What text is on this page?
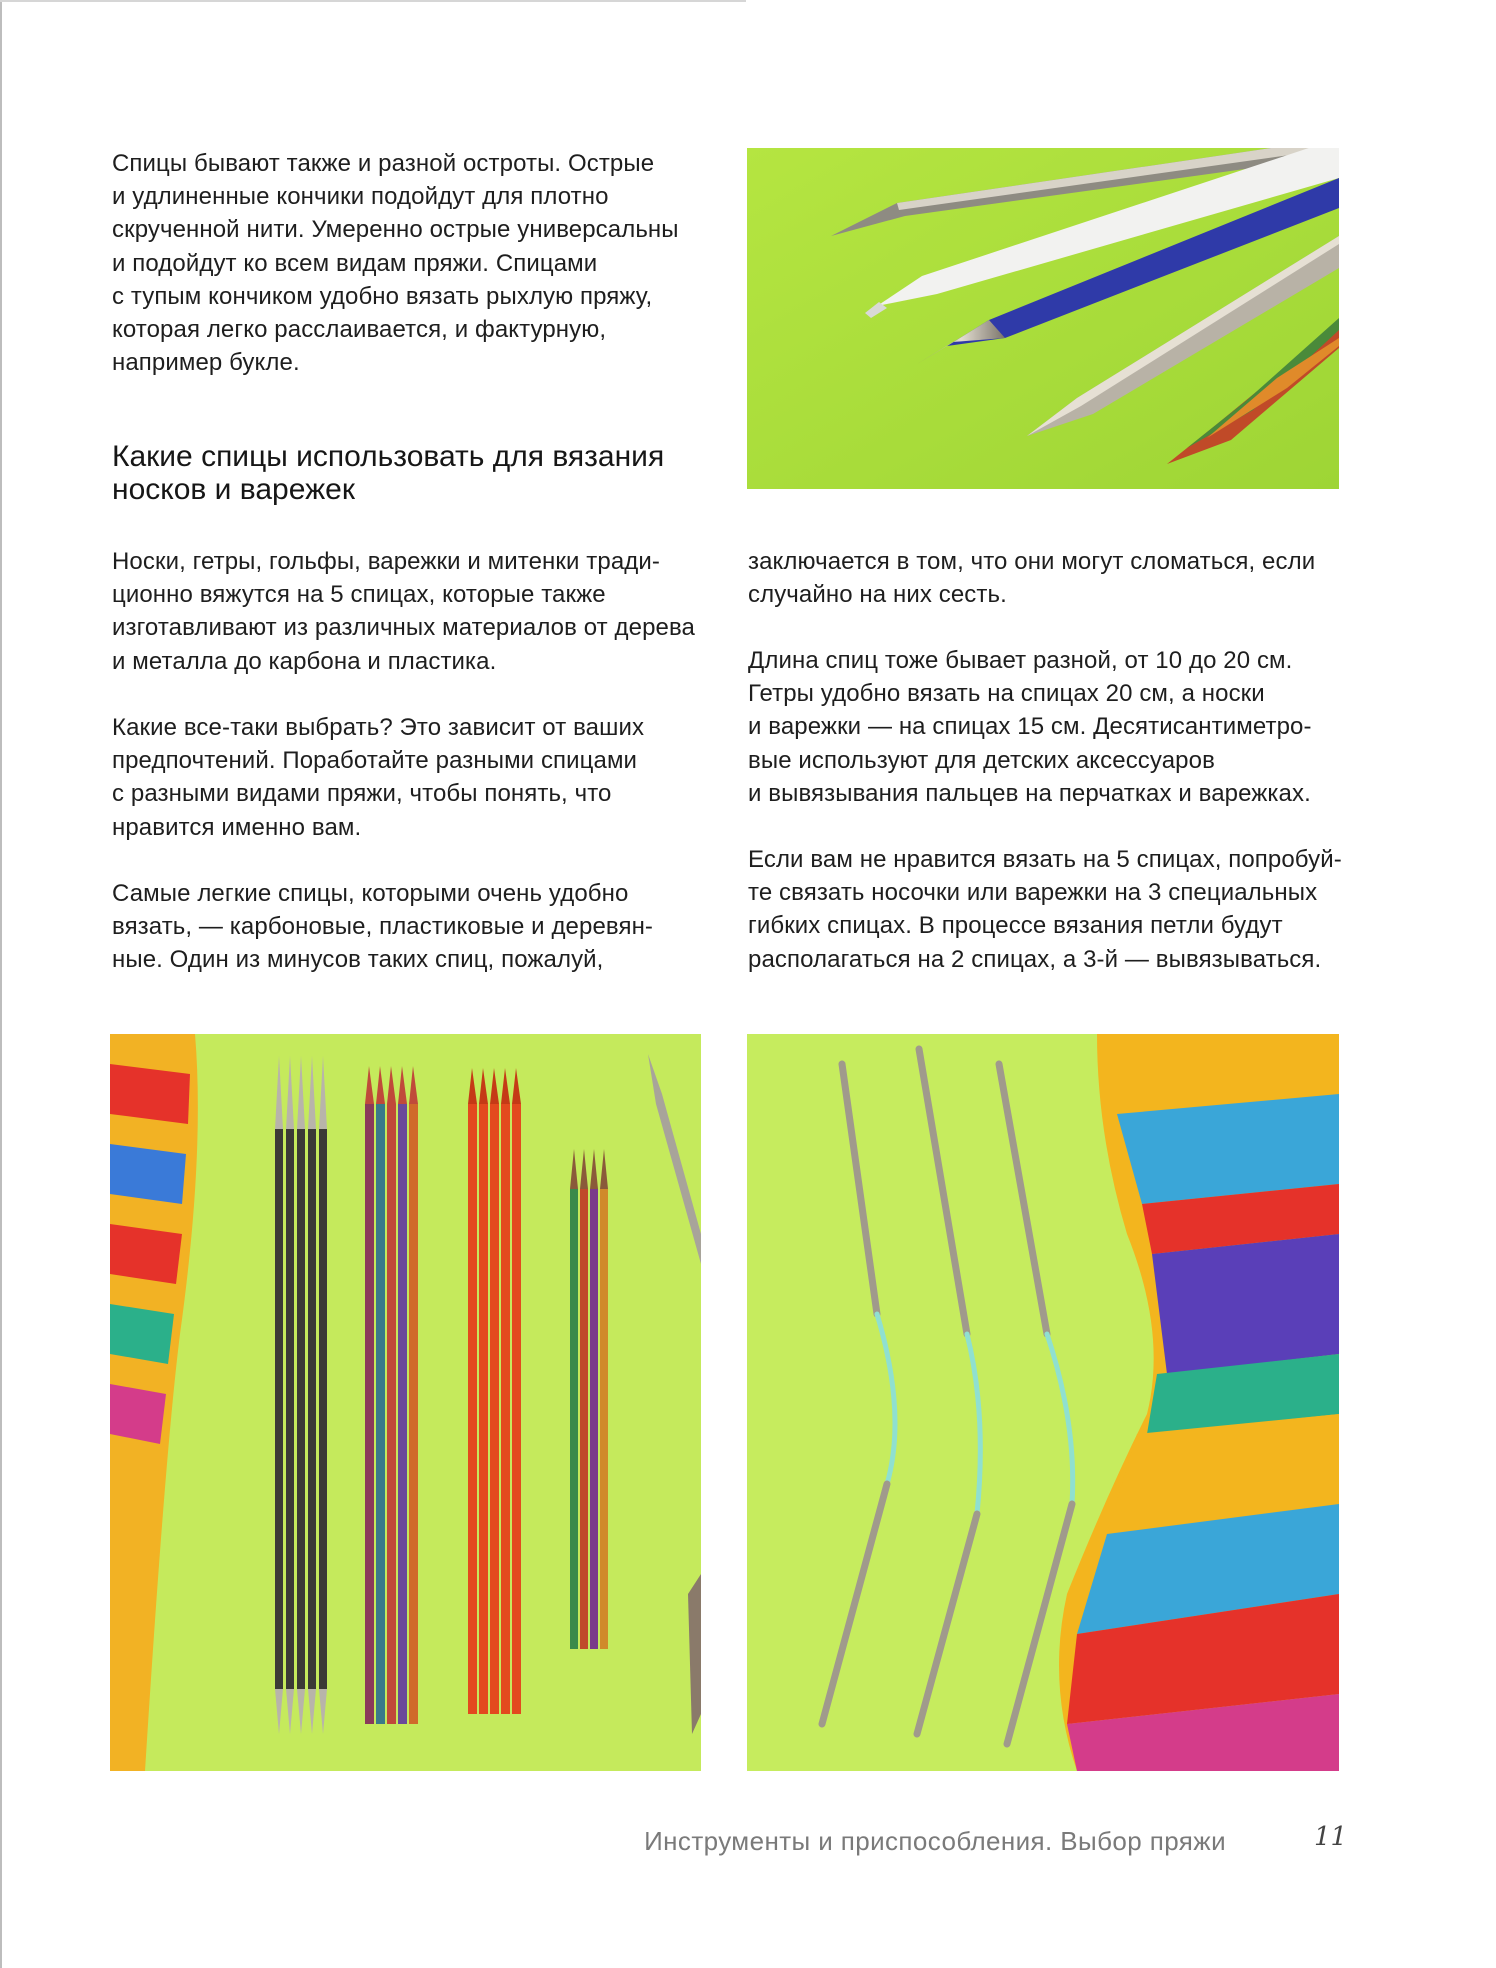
Спицы бывают также и разной остроты. Острые
и удлиненные кончики подойдут для плотно
скрученной нити. Умеренно острые универсальны
и подойдут ко всем видам пряжи. Спицами
с тупым кончиком удобно вязать рыхлую пряжу,
которая легко расслаивается, и фактурную,
например букле.

Какие спицы использовать для вязания
носков и варежек

Носки, гетры, гольфы, варежки и митенки тради-
ционно вяжутся на 5 спицах, которые также
изготавливают из различных материалов от дерева
и металла до карбона и пластика.

Какие все-таки выбрать? Это зависит от ваших
предпочтений. Поработайте разными спицами
с разными видами пряжи, чтобы понять, что
нравится именно вам.

Самые легкие спицы, которыми очень удобно
вязать, — карбоновые, пластиковые и деревян-
ные. Один из минусов таких спиц, пожалуй,

заключается в том, что они могут сломаться, если
случайно на них сесть.

Длина спиц тоже бывает разной, от 10 до 20 см.
Гетры удобно вязать на спицах 20 см, а носки
и варежки — на спицах 15 см. Десятисантиметро-
вые используют для детских аксессуаров
и вывязывания пальцев на перчатках и варежках.

Если вам не нравится вязать на 5 спицах, попробуй-
те связать носочки или варежки на 3 специальных
гибких спицах. В процессе вязания петли будут
располагаться на 2 спицах, а 3-й — вывязываться.

Инструменты и приспособления. Выбор пряжи	11
